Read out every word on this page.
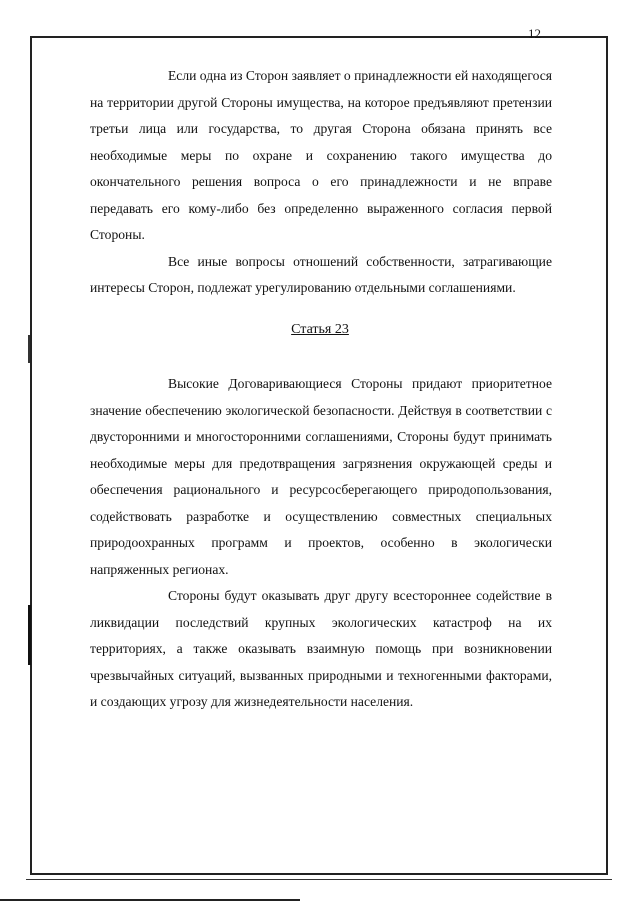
12

Если одна из Сторон заявляет о принадлежности ей находящегося на территории другой Стороны имущества, на которое предъявляют претензии третьи лица или государства, то другая Сторона обязана принять все необходимые меры по охране и сохранению такого имущества до окончательного решения вопроса о его принадлежности и не вправе передавать его кому-либо без определенно выраженного согласия первой Стороны.

Все иные вопросы отношений собственности, затрагивающие интересы Сторон, подлежат урегулированию отдельными соглашениями.

Статья 23

Высокие Договаривающиеся Стороны придают приоритетное значение обеспечению экологической безопасности. Действуя в соответствии с двусторонними и многосторонними соглашениями, Стороны будут принимать необходимые меры для предотвращения загрязнения окружающей среды и обеспечения рационального и ресурсосберегающего природопользования, содействовать разработке и осуществлению совместных специальных природоохранных программ и проектов, особенно в экологически напряженных регионах.

Стороны будут оказывать друг другу всестороннее содействие в ликвидации последствий крупных экологических катастроф на их территориях, а также оказывать взаимную помощь при возникновении чрезвычайных ситуаций, вызванных природными и техногенными факторами, и создающих угрозу для жизнедеятельности населения.
